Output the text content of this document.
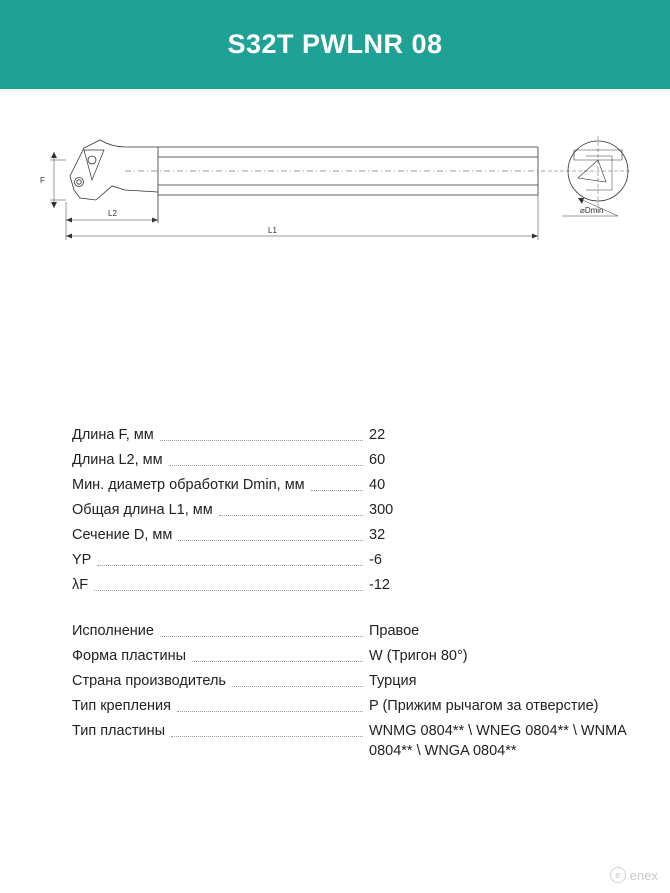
S32T PWLNR 08
F
L2
L1
⌀Dmin
Длина F, мм	22
Длина L2, мм	60
Мин. диаметр обработки Dmin, мм	40
Общая длина L1, мм	300
Сечение D, мм	32
YP	-6
λF	-12
Исполнение	Правое
Форма пластины	W (Тригон 80°)
Страна производитель	Турция
Тип крепления	P (Прижим рычагом за отверстие)
Тип пластины	WNMG 0804** \ WNEG 0804** \ WNMA 0804** \ WNGA 0804**
e enex
